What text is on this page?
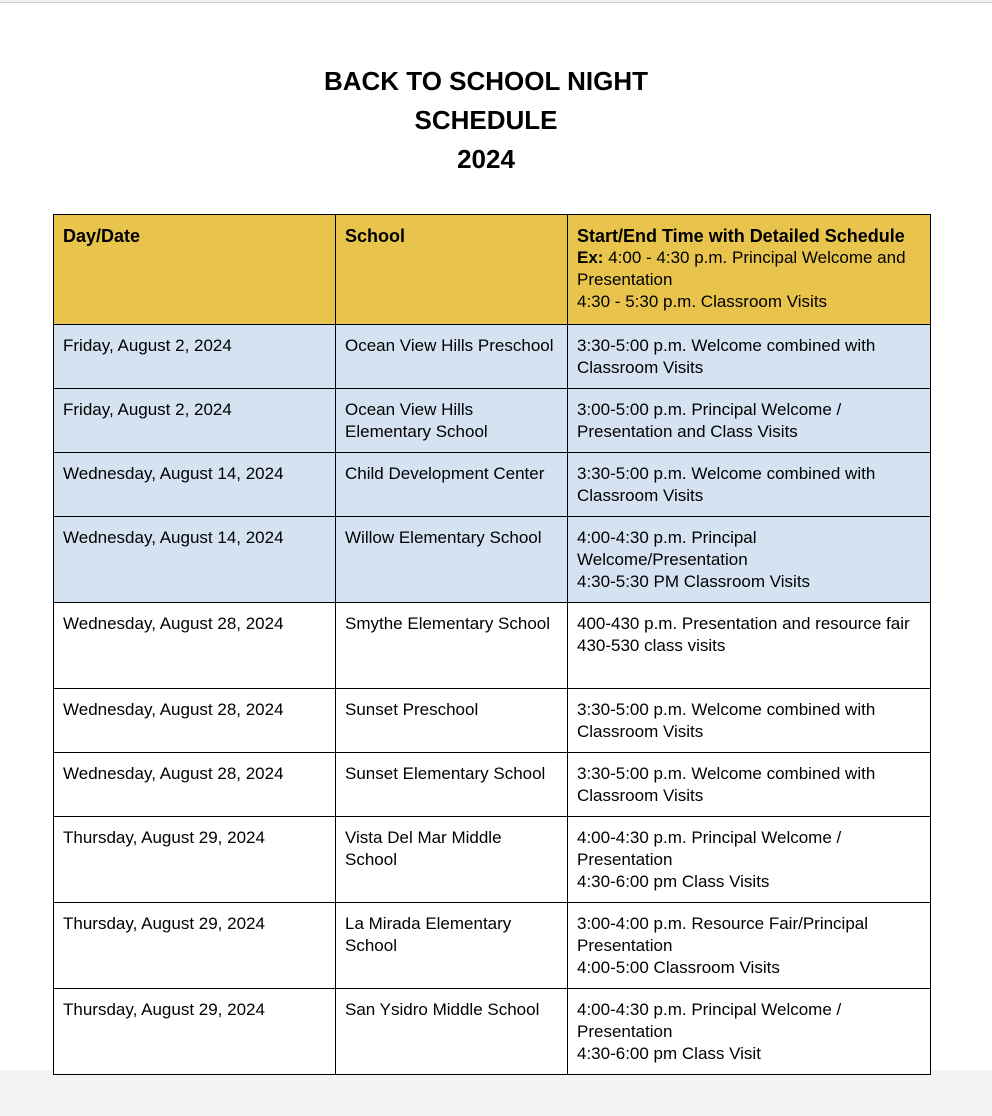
BACK TO SCHOOL NIGHT
SCHEDULE
2024
Day/Date	School	Start/End Time with Detailed Schedule
Ex: 4:00 - 4:30 p.m. Principal Welcome and Presentation
4:30 - 5:30 p.m. Classroom Visits

Friday, August 2, 2024	Ocean View Hills Preschool	3:30-5:00 p.m. Welcome combined with Classroom Visits

Friday, August 2, 2024	Ocean View Hills Elementary School	3:00-5:00 p.m. Principal Welcome / Presentation and Class Visits

Wednesday, August 14, 2024	Child Development Center	3:30-5:00 p.m. Welcome combined with Classroom Visits

Wednesday, August 14, 2024	Willow Elementary School	4:00-4:30 p.m. Principal Welcome/Presentation
4:30-5:30 PM Classroom Visits

Wednesday, August 28, 2024	Smythe Elementary School	400-430 p.m. Presentation and resource fair
430-530 class visits

Wednesday, August 28, 2024	Sunset Preschool	3:30-5:00 p.m. Welcome combined with Classroom Visits

Wednesday, August 28, 2024	Sunset Elementary School	3:30-5:00 p.m. Welcome combined with Classroom Visits

Thursday, August 29, 2024	Vista Del Mar Middle School	4:00-4:30 p.m. Principal Welcome / Presentation
4:30-6:00 pm Class Visits

Thursday, August 29, 2024	La Mirada Elementary School	3:00-4:00 p.m. Resource Fair/Principal Presentation
4:00-5:00 Classroom Visits

Thursday, August 29, 2024	San Ysidro Middle School	4:00-4:30 p.m. Principal Welcome / Presentation
4:30-6:00 pm Class Visit
